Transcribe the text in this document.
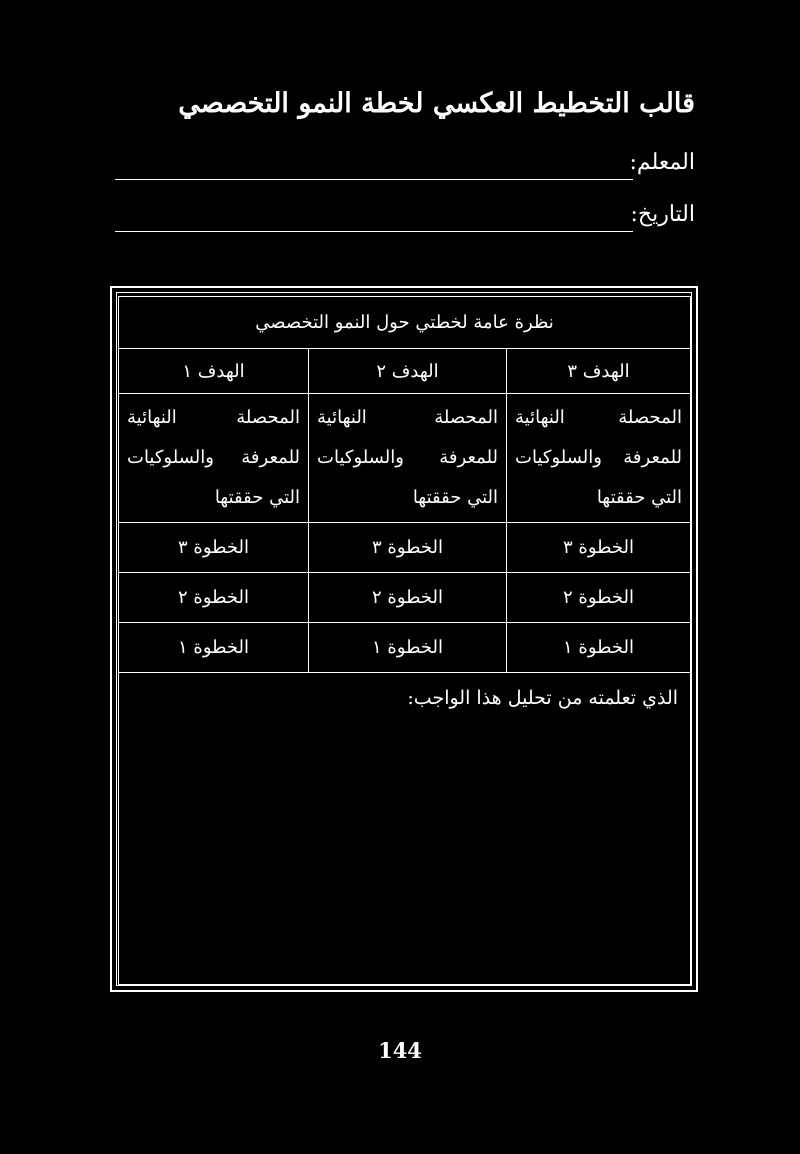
قالب التخطيط العكسي لخطة النمو التخصصي
المعلم:
التاريخ:
نظرة عامة لخطتي حول النمو التخصصي		
الهدف ٣	الهدف ٢	الهدف ١
المحصلة النهائية للمعرفة والسلوكيات التي حققتها	المحصلة النهائية للمعرفة والسلوكيات التي حققتها	المحصلة النهائية للمعرفة والسلوكيات التي حققتها
الخطوة ٣	الخطوة ٣	الخطوة ٣
الخطوة ٢	الخطوة ٢	الخطوة ٢
الخطوة ١	الخطوة ١	الخطوة ١
الذي تعلمته من تحليل هذا الواجب:		
144
